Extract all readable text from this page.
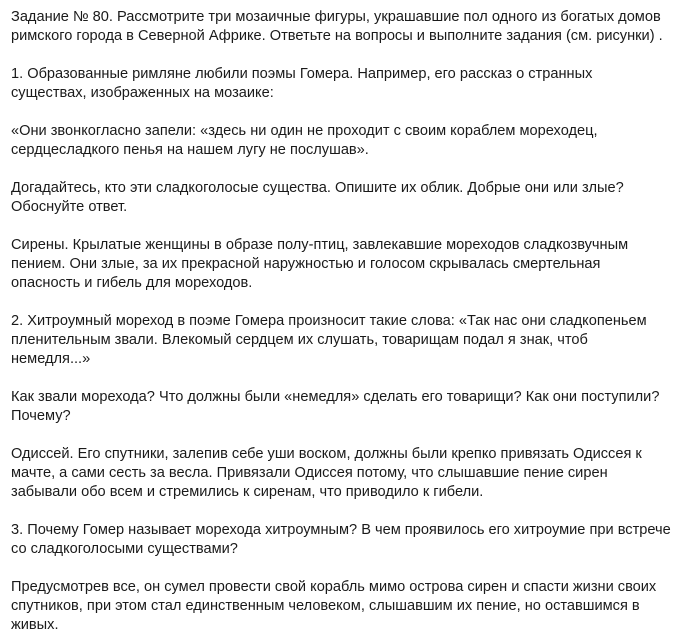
Задание № 80. Рассмотрите три мозаичные фигуры, украшавшие пол одного из богатых домов римского города в Северной Африке. Ответьте на вопросы и выполните задания (см. рисунки) .

1. Образованные римляне любили поэмы Гомера. Например, его рассказ о странных существах, изображенных на мозаике:

«Они звонкогласно запели: «здесь ни один не проходит с своим кораблем мореходец, сердцесладкого пенья на нашем лугу не послушав».

Догадайтесь, кто эти сладкоголосые существа. Опишите их облик. Добрые они или злые? Обоснуйте ответ.

Сирены. Крылатые женщины в образе полу-птиц, завлекавшие мореходов сладкозвучным пением. Они злые, за их прекрасной наружностью и голосом скрывалась смертельная опасность и гибель для мореходов.

2. Хитроумный мореход в поэме Гомера произносит такие слова: «Так нас они сладкопеньем пленительным звали. Влекомый сердцем их слушать, товарищам подал я знак, чтоб немедля...»

Как звали морехода? Что должны были «немедля» сделать его товарищи? Как они поступили? Почему?

Одиссей. Его спутники, залепив себе уши воском, должны были крепко привязать Одиссея к мачте, а сами сесть за весла. Привязали Одиссея потому, что слышавшие пение сирен забывали обо всем и стремились к сиренам, что приводило к гибели.

3. Почему Гомер называет морехода хитроумным? В чем проявилось его хитроумие при встрече со сладкоголосыми существами?

Предусмотрев все, он сумел провести свой корабль мимо острова сирен и спасти жизни своих спутников, при этом стал единственным человеком, слышавшим их пение, но оставшимся в живых.
